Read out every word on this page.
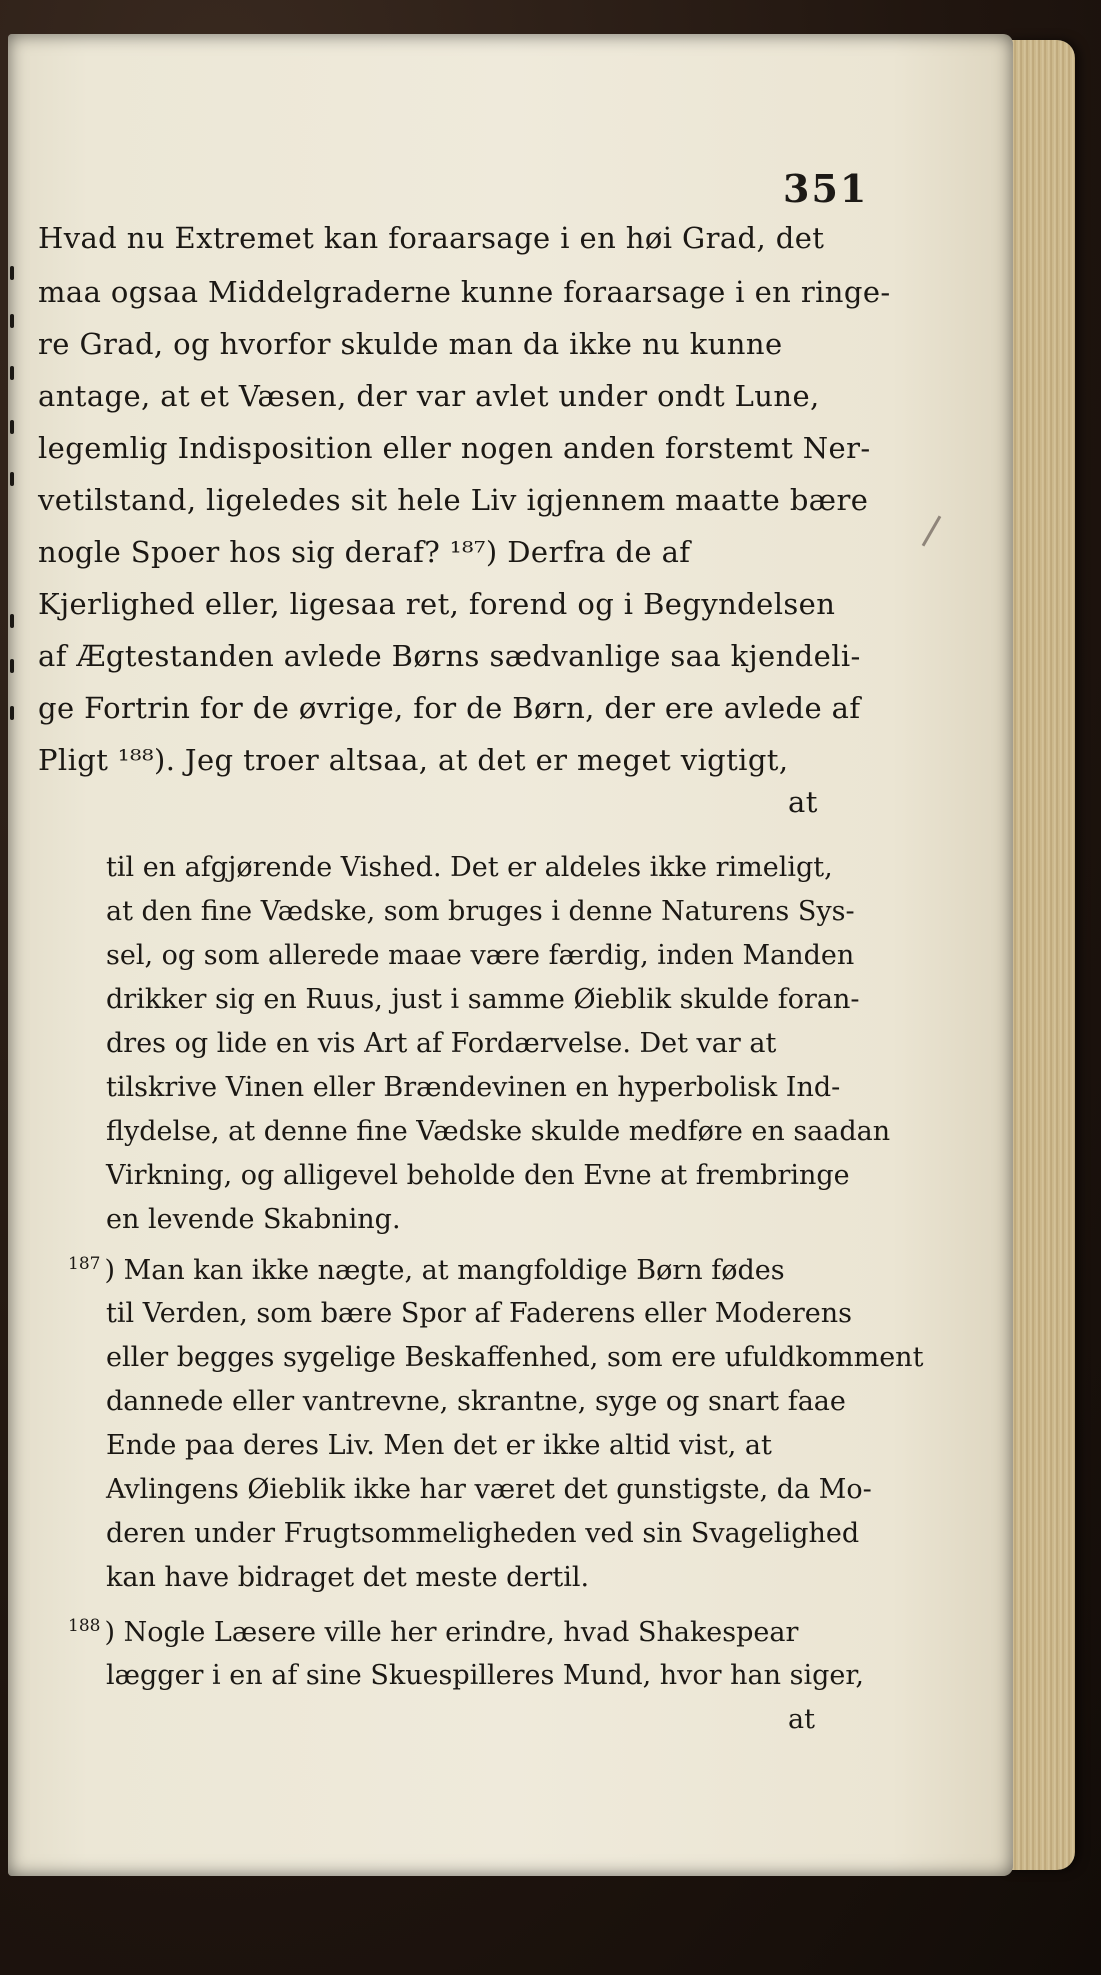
351
Hvad nu Extremet kan foraarsage i en høi Grad, det
maa ogsaa Middelgraderne kunne foraarsage i en ringe-
re Grad, og hvorfor skulde man da ikke nu kunne
antage, at et Væsen, der var avlet under ondt Lune,
legemlig Indisposition eller nogen anden forstemt Ner-
vetilstand, ligeledes sit hele Liv igjennem maatte bære
nogle Spoer hos sig deraf? ¹⁸⁷) Derfra de af
Kjerlighed eller, ligesaa ret, forend og i Begyndelsen
af Ægtestanden avlede Børns sædvanlige saa kjendeli-
ge Fortrin for de øvrige, for de Børn, der ere avlede af
Pligt ¹⁸⁸). Jeg troer altsaa, at det er meget vigtigt,
at
til en afgjørende Vished. Det er aldeles ikke rimeligt,
at den fine Vædske, som bruges i denne Naturens Sys-
sel, og som allerede maae være færdig, inden Manden
drikker sig en Ruus, just i samme Øieblik skulde foran-
dres og lide en vis Art af Fordærvelse. Det var at
tilskrive Vinen eller Brændevinen en hyperbolisk Ind-
flydelse, at denne fine Vædske skulde medføre en saadan
Virkning, og alligevel beholde den Evne at frembringe
en levende Skabning.
$^{187}$ ) Man kan ikke nægte, at mangfoldige Børn fødes
til Verden, som bære Spor af Faderens eller Moderens
eller begges sygelige Beskaffenhed, som ere ufuldkomment
dannede eller vantrevne, skrantne, syge og snart faae
Ende paa deres Liv. Men det er ikke altid vist, at
Avlingens Øieblik ikke har været det gunstigste, da Mo-
deren under Frugtsommeligheden ved sin Svagelighed
kan have bidraget det meste dertil.
$^{188}$ ) Nogle Læsere ville her erindre, hvad Shakespear
lægger i en af sine Skuespilleres Mund, hvor han siger,
at
